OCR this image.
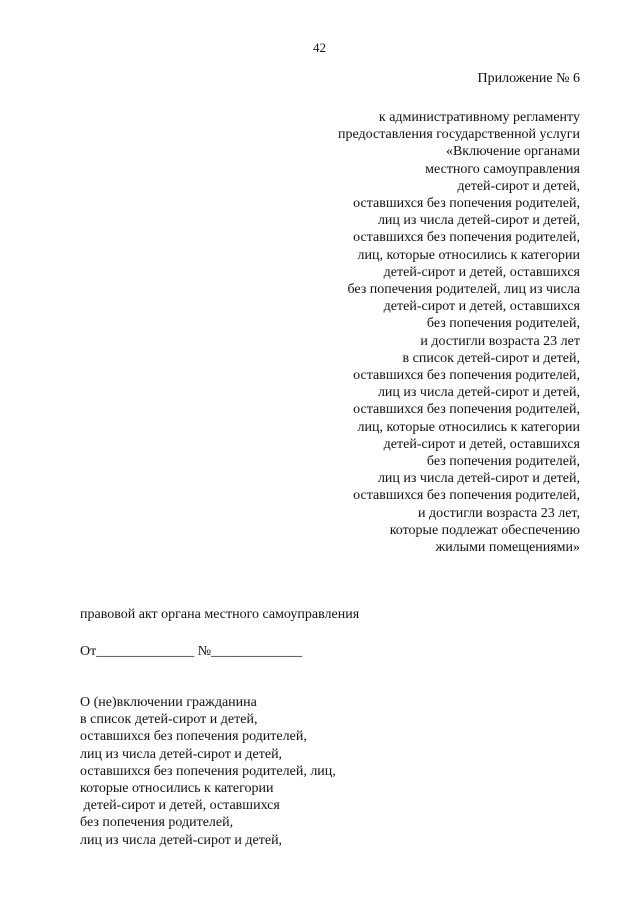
42
Приложение № 6
к административному регламенту
предоставления государственной услуги
«Включение органами
местного самоуправления
детей-сирот и детей,
оставшихся без попечения родителей,
лиц из числа детей-сирот и детей,
оставшихся без попечения родителей,
лиц, которые относились к категории
детей-сирот и детей, оставшихся
без попечения родителей, лиц из числа
детей-сирот и детей, оставшихся
без попечения родителей,
и достигли возраста 23 лет
в список детей-сирот и детей,
оставшихся без попечения родителей,
лиц из числа детей-сирот и детей,
оставшихся без попечения родителей,
лиц, которые относились к категории
детей-сирот и детей, оставшихся
без попечения родителей,
лиц из числа детей-сирот и детей,
оставшихся без попечения родителей,
и достигли возраста 23 лет,
которые подлежат обеспечению
жилыми помещениями»
правовой акт органа местного самоуправления
От______________ №_____________
О (не)включении гражданина
в список детей-сирот и детей,
оставшихся без попечения родителей,
лиц из числа детей-сирот и детей,
оставшихся без попечения родителей, лиц,
которые относились к категории
детей-сирот и детей, оставшихся
без попечения родителей,
лиц из числа детей-сирот и детей,
